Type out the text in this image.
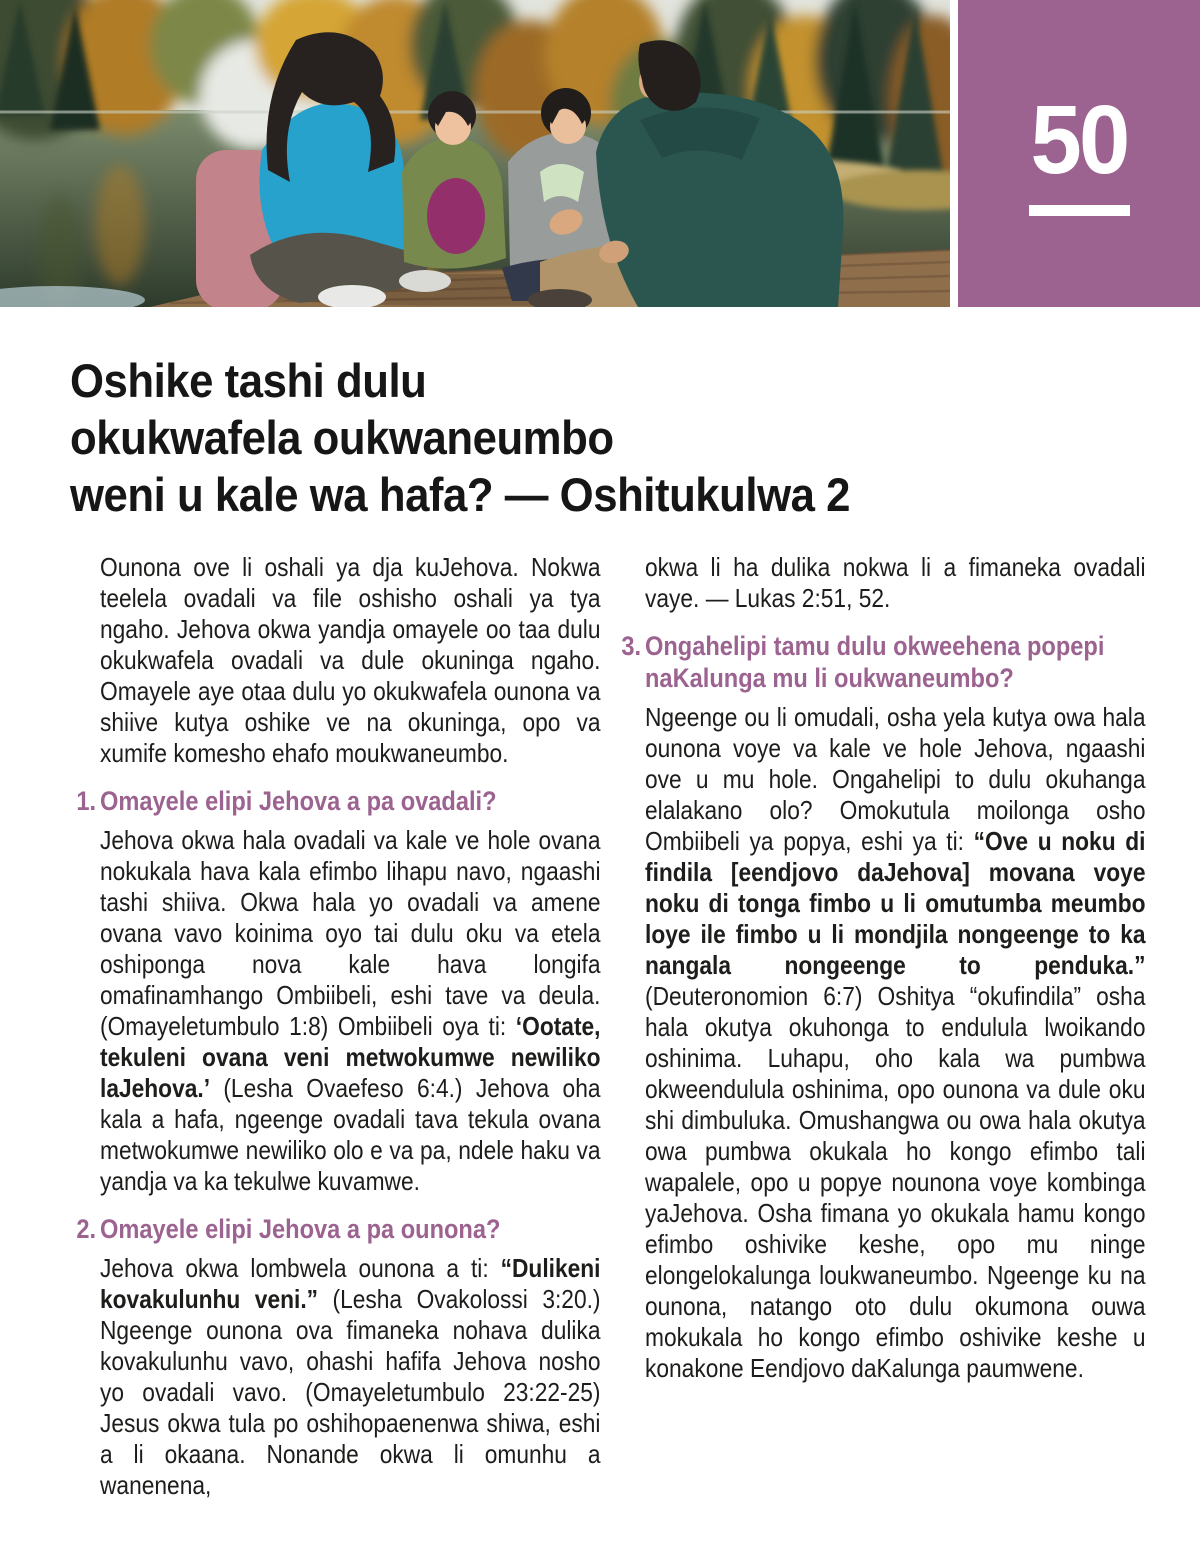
50
Oshike tashi dulu
okukwafela oukwaneumbo
weni u kale wa hafa? — Oshitukulwa 2

Ounona ove li oshali ya dja kuJehova. Nokwa teelela ovadali va file oshisho oshali ya tya ngaho. Jehova okwa yandja omayele oo taa dulu okukwafela ovadali va dule okuninga ngaho. Omayele aye otaa dulu yo okukwafela ounona va shiive kutya oshike ve na okuninga, opo va xumife komesho ehafo moukwaneumbo.

1. Omayele elipi Jehova a pa ovadali?

Jehova okwa hala ovadali va kale ve hole ovana nokukala hava kala efimbo lihapu navo, ngaashi tashi shiiva. Okwa hala yo ovadali va amene ovana vavo koinima oyo tai dulu oku va etela oshiponga nova kale hava longifa omafinamhango Ombiibeli, eshi tave va deula. (Omayeletumbulo 1:8) Ombiibeli oya ti: ‘Ootate, tekuleni ovana veni metwokumwe newiliko laJehova.’ (Lesha Ovaefeso 6:4.) Jehova oha kala a hafa, ngeenge ovadali tava tekula ovana metwokumwe newiliko olo e va pa, ndele haku va yandja va ka tekulwe kuvamwe.

2. Omayele elipi Jehova a pa ounona?

Jehova okwa lombwela ounona a ti: “Dulikeni kovakulunhu veni.” (Lesha Ovakolossi 3:20.) Ngeenge ounona ova fimaneka nohava dulika kovakulunhu vavo, ohashi hafifa Jehova nosho yo ovadali vavo. (Omayeletumbulo 23:22-25) Jesus okwa tula po oshihopaenenwa shiwa, eshi a li okaana. Nonande okwa li omunhu a wanenena,

okwa li ha dulika nokwa li a fimaneka ovadali vaye. — Lukas 2:51, 52.

3. Ongahelipi tamu dulu okweehena popepi naKalunga mu li oukwaneumbo?

Ngeenge ou li omudali, osha yela kutya owa hala ounona voye va kale ve hole Jehova, ngaashi ove u mu hole. Ongahelipi to dulu okuhanga elalakano olo? Omokutula moilonga osho Ombiibeli ya popya, eshi ya ti: “Ove u noku di findila [eendjovo daJehova] movana voye noku di tonga fimbo u li omutumba meumbo loye ile fimbo u li mondjila nongeenge to ka nangala nongeenge to penduka.” (Deuteronomion 6:7) Oshitya “okufindila” osha hala okutya okuhonga to endulula lwoikando oshinima. Luhapu, oho kala wa pumbwa okweendulula oshinima, opo ounona va dule oku shi dimbuluka. Omushangwa ou owa hala okutya owa pumbwa okukala ho kongo efimbo tali wapalele, opo u popye nounona voye kombinga yaJehova. Osha fimana yo okukala hamu kongo efimbo oshivike keshe, opo mu ninge elongelokalunga loukwaneumbo. Ngeenge ku na ounona, natango oto dulu okumona ouwa mokukala ho kongo efimbo oshivike keshe u konakone Eendjovo daKalunga paumwene.
